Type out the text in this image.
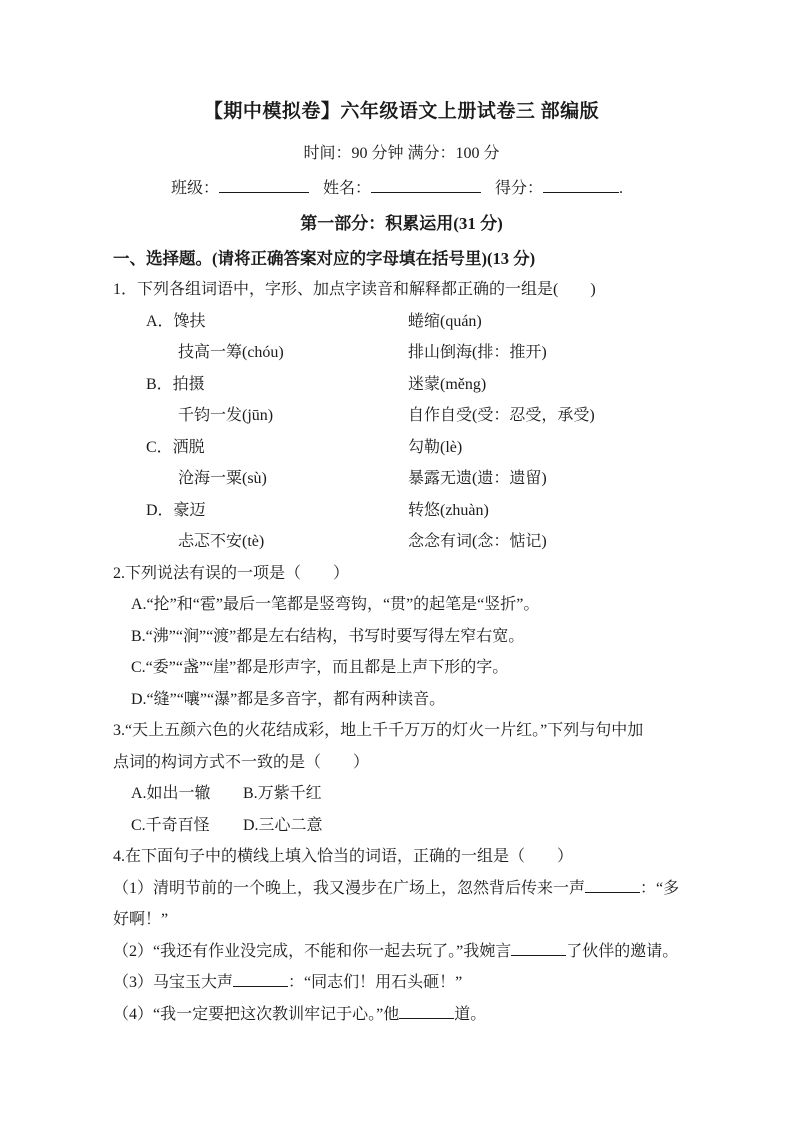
【期中模拟卷】六年级语文上册试卷三 部编版
时间：90 分钟 满分：100 分
班级：	姓名：	得分：	.
第一部分：积累运用(31 分)
一、选择题。(请将正确答案对应的字母填在括号里)(13 分)
1．下列各组词语中，字形、加点字读音和解释都正确的一组是(　　)
A．馋扶	蜷缩(quán)
技高一筹(chóu)	排山倒海(排：推开)
B．拍摄	迷蒙(měng)
千钧一发(jūn)	自作自受(受：忍受，承受)
C．洒脱	勾勒(lè)
沧海一粟(sù)	暴露无遗(遗：遗留)
D．豪迈	转悠(zhuàn)
忐忑不安(tè)	念念有词(念：惦记)
2.下列说法有误的一项是（　　）
A.“抡”和“雹”最后一笔都是竖弯钩，“贯”的起笔是“竖折”。
B.“沸”“涧”“渡”都是左右结构，书写时要写得左窄右宽。
C.“委”“盏”“崖”都是形声字，而且都是上声下形的字。
D.“缝”“嚷”“瀑”都是多音字，都有两种读音。
3.“天上五颜六色的火花结成彩，地上千千万万的灯火一片红。”下列与句中加
点词的构词方式不一致的是（　　）
A.如出一辙 B.万紫千红
C.千奇百怪 D.三心二意
4.在下面句子中的横线上填入恰当的词语，正确的一组是（　　）
（1）清明节前的一个晚上，我又漫步在广场上，忽然背后传来一声	：“多
好啊！”
（2）“我还有作业没完成，不能和你一起去玩了。”我婉言	了伙伴的邀请。
（3）马宝玉大声	：“同志们！用石头砸！”
（4）“我一定要把这次教训牢记于心。”他	道。
